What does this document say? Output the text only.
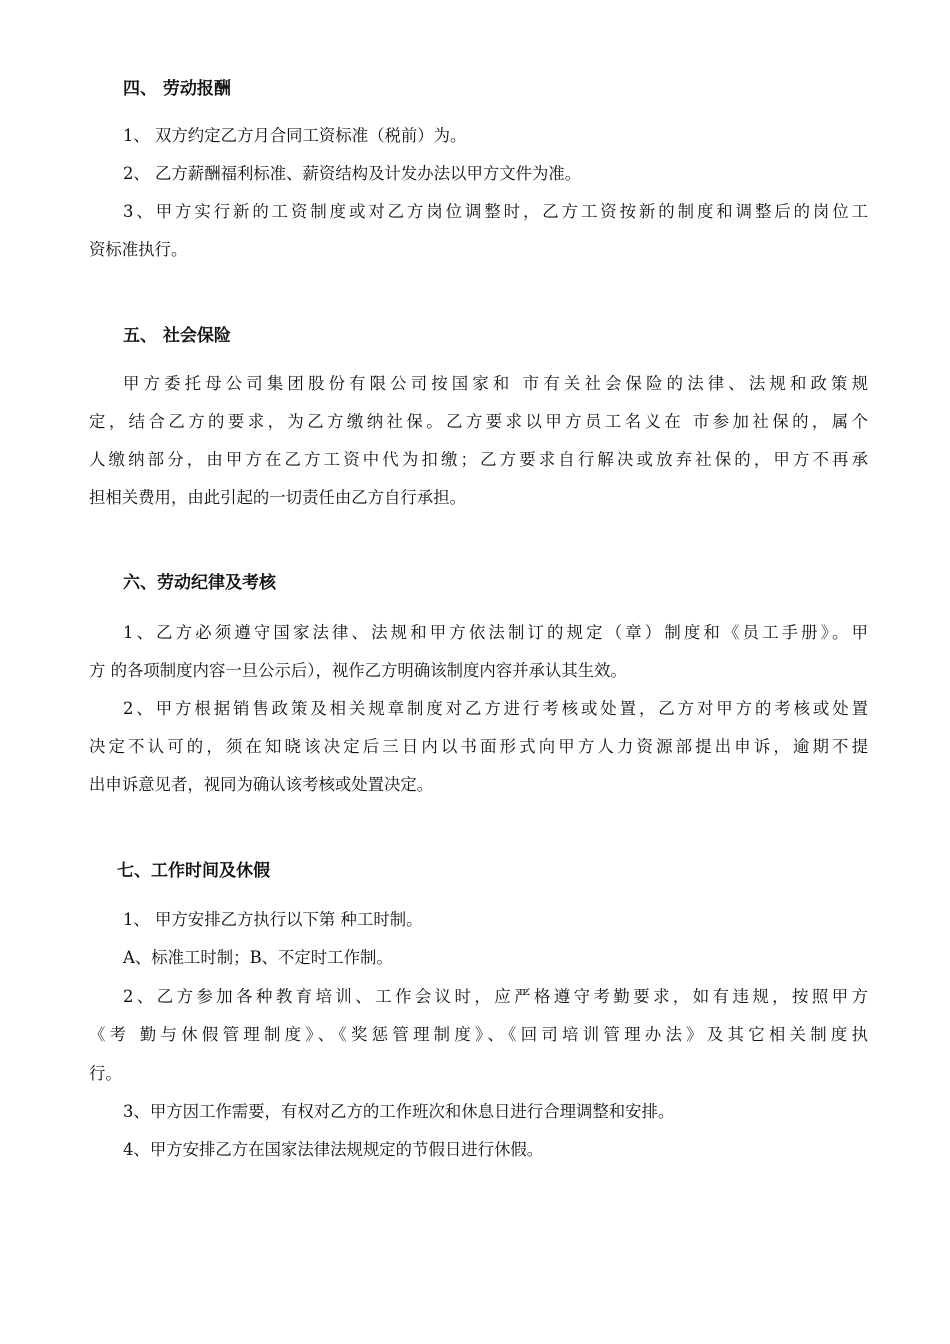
四、 劳动报酬
1、 双方约定乙方月合同工资标准（税前）为。
2、 乙方薪酬福利标准、薪资结构及计发办法以甲方文件为准。
3、甲方实行新的工资制度或对乙方岗位调整时，乙方工资按新的制度和调整后的岗位工
资标准执行。
五、 社会保险
甲方委托母公司集团股份有限公司按国家和 市有关社会保险的法律、法规和政策规
定，结合乙方的要求，为乙方缴纳社保。乙方要求以甲方员工名义在 市参加社保的，属个
人缴纳部分，由甲方在乙方工资中代为扣缴；乙方要求自行解决或放弃社保的，甲方不再承
担相关费用，由此引起的一切责任由乙方自行承担。
六、劳动纪律及考核
1、乙方必须遵守国家法律、法规和甲方依法制订的规定（章）制度和《员工手册》。甲
方 的各项制度内容一旦公示后），视作乙方明确该制度内容并承认其生效。
2、甲方根据销售政策及相关规章制度对乙方进行考核或处置，乙方对甲方的考核或处置
决定不认可的，须在知晓该决定后三日内以书面形式向甲方人力资源部提出申诉，逾期不提
出申诉意见者，视同为确认该考核或处置决定。
七、工作时间及休假
1、 甲方安排乙方执行以下第 种工时制。
A、标准工时制；B、不定时工作制。
2、乙方参加各种教育培训、工作会议时，应严格遵守考勤要求，如有违规，按照甲方
《考 勤与休假管理制度》、《奖惩管理制度》、《回司培训管理办法》及其它相关制度执
行。
3、甲方因工作需要，有权对乙方的工作班次和休息日进行合理调整和安排。
4、甲方安排乙方在国家法律法规规定的节假日进行休假。
